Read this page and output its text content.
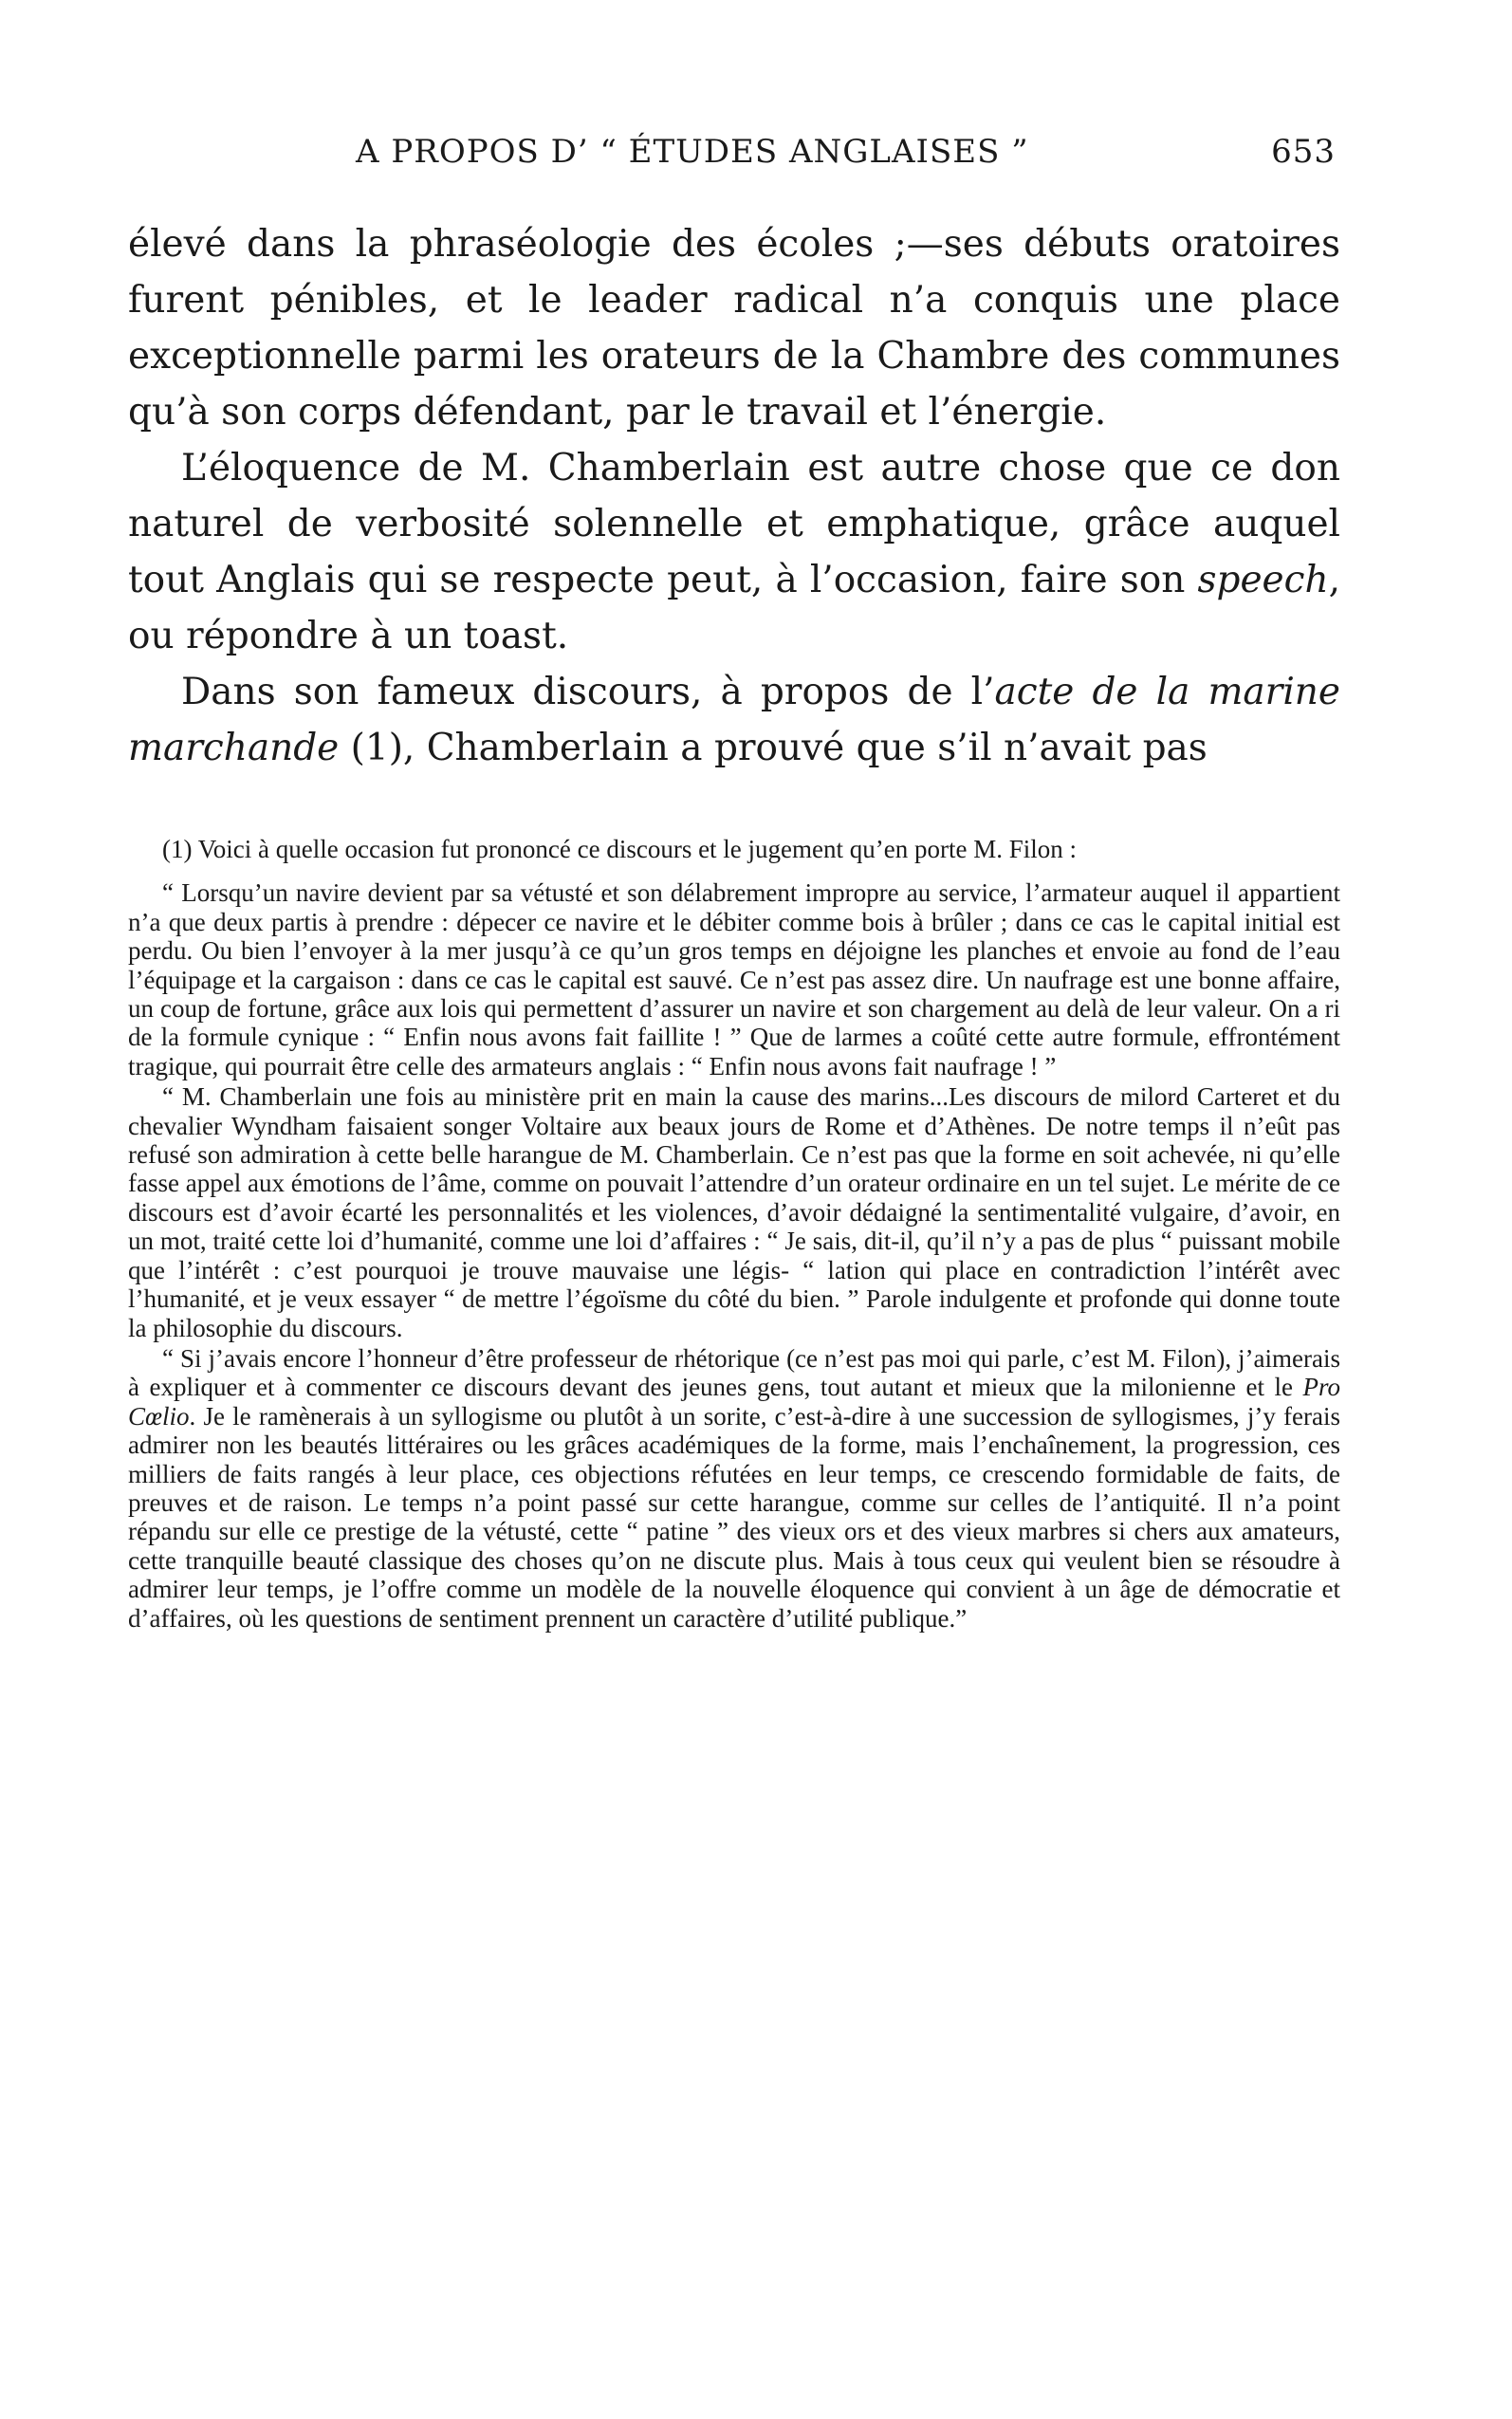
A PROPOS D’ “ ÉTUDES ANGLAISES ”	653

élevé dans la phraséologie des écoles ;—ses débuts oratoires furent pénibles, et le leader radical n’a conquis une place exceptionnelle parmi les orateurs de la Chambre des communes qu’à son corps défendant, par le travail et l’énergie.

L’éloquence de M. Chamberlain est autre chose que ce don naturel de verbosité solennelle et emphatique, grâce auquel tout Anglais qui se respecte peut, à l’occasion, faire son speech, ou répondre à un toast.

Dans son fameux discours, à propos de l’acte de la marine marchande (1), Chamberlain a prouvé que s’il n’avait pas

(1) Voici à quelle occasion fut prononcé ce discours et le jugement qu’en porte M. Filon :

“ Lorsqu’un navire devient par sa vétusté et son délabrement impropre au service, l’armateur auquel il appartient n’a que deux partis à prendre : dépecer ce navire et le débiter comme bois à brûler ; dans ce cas le capital initial est perdu. Ou bien l’envoyer à la mer jusqu’à ce qu’un gros temps en déjoigne les planches et envoie au fond de l’eau l’équipage et la cargaison : dans ce cas le capital est sauvé. Ce n’est pas assez dire. Un naufrage est une bonne affaire, un coup de fortune, grâce aux lois qui permettent d’assurer un navire et son chargement au delà de leur valeur. On a ri de la formule cynique : “ Enfin nous avons fait faillite ! ” Que de larmes a coûté cette autre formule, effrontément tragique, qui pourrait être celle des armateurs anglais : “ Enfin nous avons fait naufrage ! ”

“ M. Chamberlain une fois au ministère prit en main la cause des marins...Les discours de milord Carteret et du chevalier Wyndham faisaient songer Voltaire aux beaux jours de Rome et d’Athènes. De notre temps il n’eût pas refusé son admiration à cette belle harangue de M. Chamberlain. Ce n’est pas que la forme en soit achevée, ni qu’elle fasse appel aux émotions de l’âme, comme on pouvait l’attendre d’un orateur ordinaire en un tel sujet. Le mérite de ce discours est d’avoir écarté les personnalités et les violences, d’avoir dédaigné la sentimentalité vulgaire, d’avoir, en un mot, traité cette loi d’humanité, comme une loi d’affaires : “ Je sais, dit-il, qu’il n’y a pas de plus “ puissant mobile que l’intérêt : c’est pourquoi je trouve mauvaise une légis- “ lation qui place en contradiction l’intérêt avec l’humanité, et je veux essayer “ de mettre l’égoïsme du côté du bien. ” Parole indulgente et profonde qui donne toute la philosophie du discours.

“ Si j’avais encore l’honneur d’être professeur de rhétorique (ce n’est pas moi qui parle, c’est M. Filon), j’aimerais à expliquer et à commenter ce discours devant des jeunes gens, tout autant et mieux que la milonienne et le Pro Cœlio. Je le ramènerais à un syllogisme ou plutôt à un sorite, c’est-à-dire à une succession de syllogismes, j’y ferais admirer non les beautés littéraires ou les grâces académiques de la forme, mais l’enchaînement, la progression, ces milliers de faits rangés à leur place, ces objections réfutées en leur temps, ce crescendo formidable de faits, de preuves et de raison. Le temps n’a point passé sur cette harangue, comme sur celles de l’antiquité. Il n’a point répandu sur elle ce prestige de la vétusté, cette “ patine ” des vieux ors et des vieux marbres si chers aux amateurs, cette tranquille beauté classique des choses qu’on ne discute plus. Mais à tous ceux qui veulent bien se résoudre à admirer leur temps, je l’offre comme un modèle de la nouvelle éloquence qui convient à un âge de démocratie et d’affaires, où les questions de sentiment prennent un caractère d’utilité publique.”
